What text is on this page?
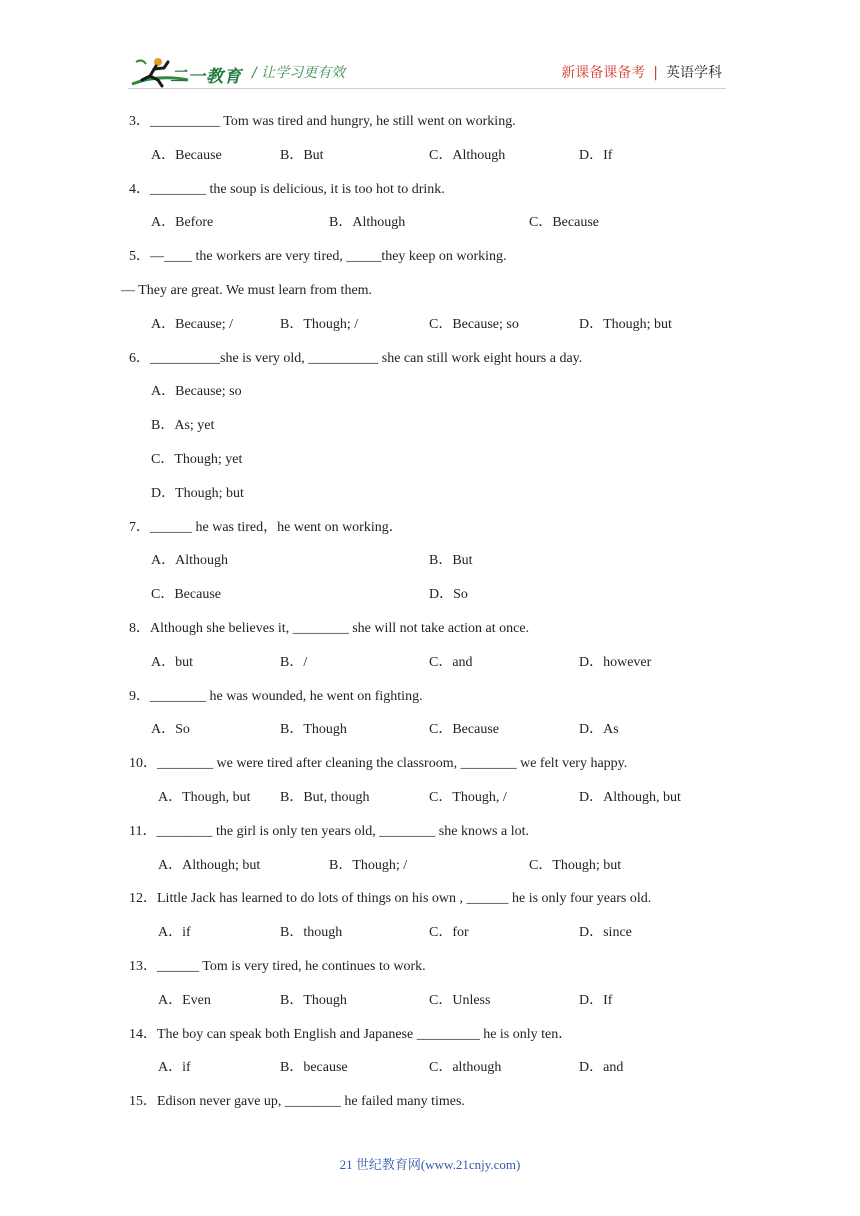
二一教育 / 让学习更有效	新课备课备考 | 英语学科
3．__________ Tom was tired and hungry, he still went on working.
A．Because	B．But	C．Although	D．If
4．________ the soup is delicious, it is too hot to drink.
A．Before	B．Although	C．Because
5．—____ the workers are very tired, _____they keep on working.
— They are great. We must learn from them.
A．Because; /	B．Though; /	C．Because; so	D．Though; but
6．__________she is very old, __________ she can still work eight hours a day.
A．Because; so
B．As; yet
C．Though; yet
D．Though; but
7．______ he was tired，he went on working．
A．Although	B．But
C．Because	D．So
8．Although she believes it, ________ she will not take action at once.
A．but	B．/	C．and	D．however
9．________ he was wounded, he went on fighting.
A．So	B．Though	C．Because	D．As
10．________ we were tired after cleaning the classroom, ________ we felt very happy.
A．Though, but B．But, though	C．Though, /	D．Although, but
11．________ the girl is only ten years old, ________ she knows a lot.
A．Although; but	B．Though; /	C．Though; but
12．Little Jack has learned to do lots of things on his own , ______ he is only four years old.
A．if	B．though	C．for	D．since
13．______ Tom is very tired, he continues to work.
A．Even	B．Though	C．Unless	D．If
14．The boy can speak both English and Japanese _________ he is only ten．
A．if	B．because	C．although	D．and
15．Edison never gave up, ________ he failed many times.
21 世纪教育网(www.21cnjy.com)
